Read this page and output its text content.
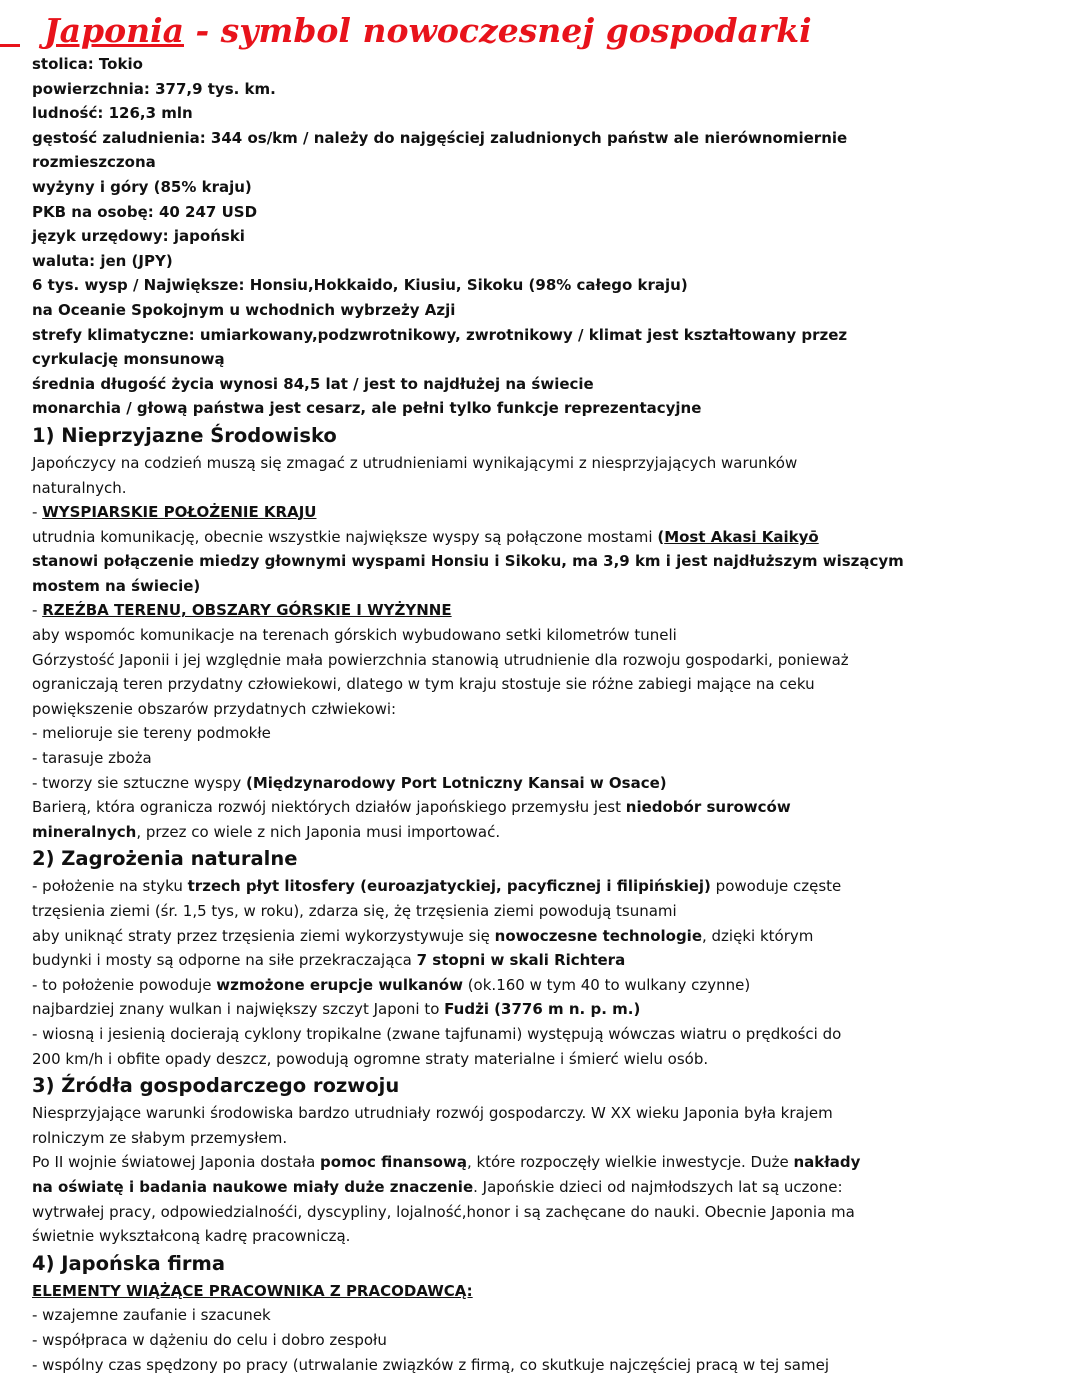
Japonia - symbol nowoczesnej gospodarki
stolica: Tokio
powierzchnia: 377,9 tys. km.
ludność: 126,3 mln
gęstość zaludnienia: 344 os/km / należy do najgęściej zaludnionych państw ale nierównomiernie
rozmieszczona
wyżyny i góry (85% kraju)
PKB na osobę: 40 247 USD
język urzędowy: japoński
waluta: jen (JPY)
6 tys. wysp / Największe: Honsiu,Hokkaido, Kiusiu, Sikoku (98% całego kraju)
na Oceanie Spokojnym u wchodnich wybrzeży Azji
strefy klimatyczne: umiarkowany,podzwrotnikowy, zwrotnikowy / klimat jest kształtowany przez
cyrkulację monsunową
średnia długość życia wynosi 84,5 lat / jest to najdłużej na świecie
monarchia / głową państwa jest cesarz, ale pełni tylko funkcje reprezentacyjne
1) Nieprzyjazne Środowisko
Japończycy na codzień muszą się zmagać z utrudnieniami wynikającymi z niesprzyjających warunków
naturalnych.
- WYSPIARSKIE POŁOŻENIE KRAJU
utrudnia komunikację, obecnie wszystkie największe wyspy są połączone mostami (Most Akasi Kaikyō
stanowi połączenie miedzy głownymi wyspami Honsiu i Sikoku, ma 3,9 km i jest najdłuższym wiszącym
mostem na świecie)
- RZEŹBA TERENU, OBSZARY GÓRSKIE I WYŻYNNE
aby wspomóc komunikacje na terenach górskich wybudowano setki kilometrów tuneli
Górzystość Japonii i jej względnie mała powierzchnia stanowią utrudnienie dla rozwoju gospodarki, ponieważ
ograniczają teren przydatny człowiekowi, dlatego w tym kraju stostuje sie różne zabiegi mające na ceku
powiększenie obszarów przydatnych człwiekowi:
- melioruje sie tereny podmokłe
- tarasuje zboża
- tworzy sie sztuczne wyspy (Międzynarodowy Port Lotniczny Kansai w Osace)
Barierą, która ogranicza rozwój niektórych działów japońskiego przemysłu jest niedobór surowców
mineralnych, przez co wiele z nich Japonia musi importować.
2) Zagrożenia naturalne
- położenie na styku trzech płyt litosfery (euroazjatyckiej, pacyficznej i filipińskiej) powoduje częste
trzęsienia ziemi (śr. 1,5 tys, w roku), zdarza się, żę trzęsienia ziemi powodują tsunami
aby uniknąć straty przez trzęsienia ziemi wykorzystywuje się nowoczesne technologie, dzięki którym
budynki i mosty są odporne na siłe przekraczająca 7 stopni w skali Richtera
- to położenie powoduje wzmożone erupcje wulkanów (ok.160 w tym 40 to wulkany czynne)
najbardziej znany wulkan i największy szczyt Japoni to Fudżi (3776 m n. p. m.)
- wiosną i jesienią docierają cyklony tropikalne (zwane tajfunami) występują wówczas wiatru o prędkości do
200 km/h i obfite opady deszcz, powodują ogromne straty materialne i śmierć wielu osób.
3) Źródła gospodarczego rozwoju
Niesprzyjające warunki środowiska bardzo utrudniały rozwój gospodarczy. W XX wieku Japonia była krajem
rolniczym ze słabym przemysłem.
Po II wojnie światowej Japonia dostała pomoc finansową, które rozpoczęły wielkie inwestycje. Duże nakłady
na oświatę i badania naukowe miały duże znaczenie. Japońskie dzieci od najmłodszych lat są uczone:
wytrwałej pracy, odpowiedzialnośći, dyscypliny, lojalność,honor i są zachęcane do nauki. Obecnie Japonia ma
świetnie wykształconą kadrę pracowniczą.
4) Japońska firma
ELEMENTY WIĄŻĄCE PRACOWNIKA Z PRACODAWCĄ:
- wzajemne zaufanie i szacunek
- współpraca w dążeniu do celu i dobro zespołu
- wspólny czas spędzony po pracy (utrwalanie związków z firmą, co skutkuje najczęściej pracą w tej samej
